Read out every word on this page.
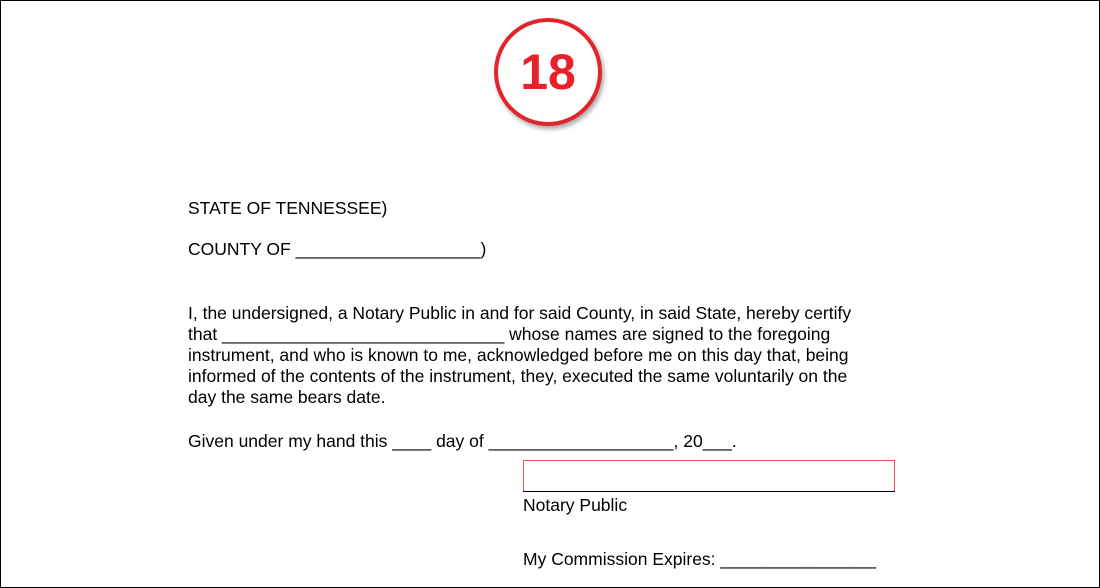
18
STATE OF TENNESSEE)
COUNTY OF ___________________)
I, the undersigned, a Notary Public in and for said County, in said State, hereby certify
that _____________________________ whose names are signed to the foregoing
instrument, and who is known to me, acknowledged before me on this day that, being
informed of the contents of the instrument, they, executed the same voluntarily on the
day the same bears date.
Given under my hand this ____ day of ___________________, 20___.
Notary Public
My Commission Expires: ________________
